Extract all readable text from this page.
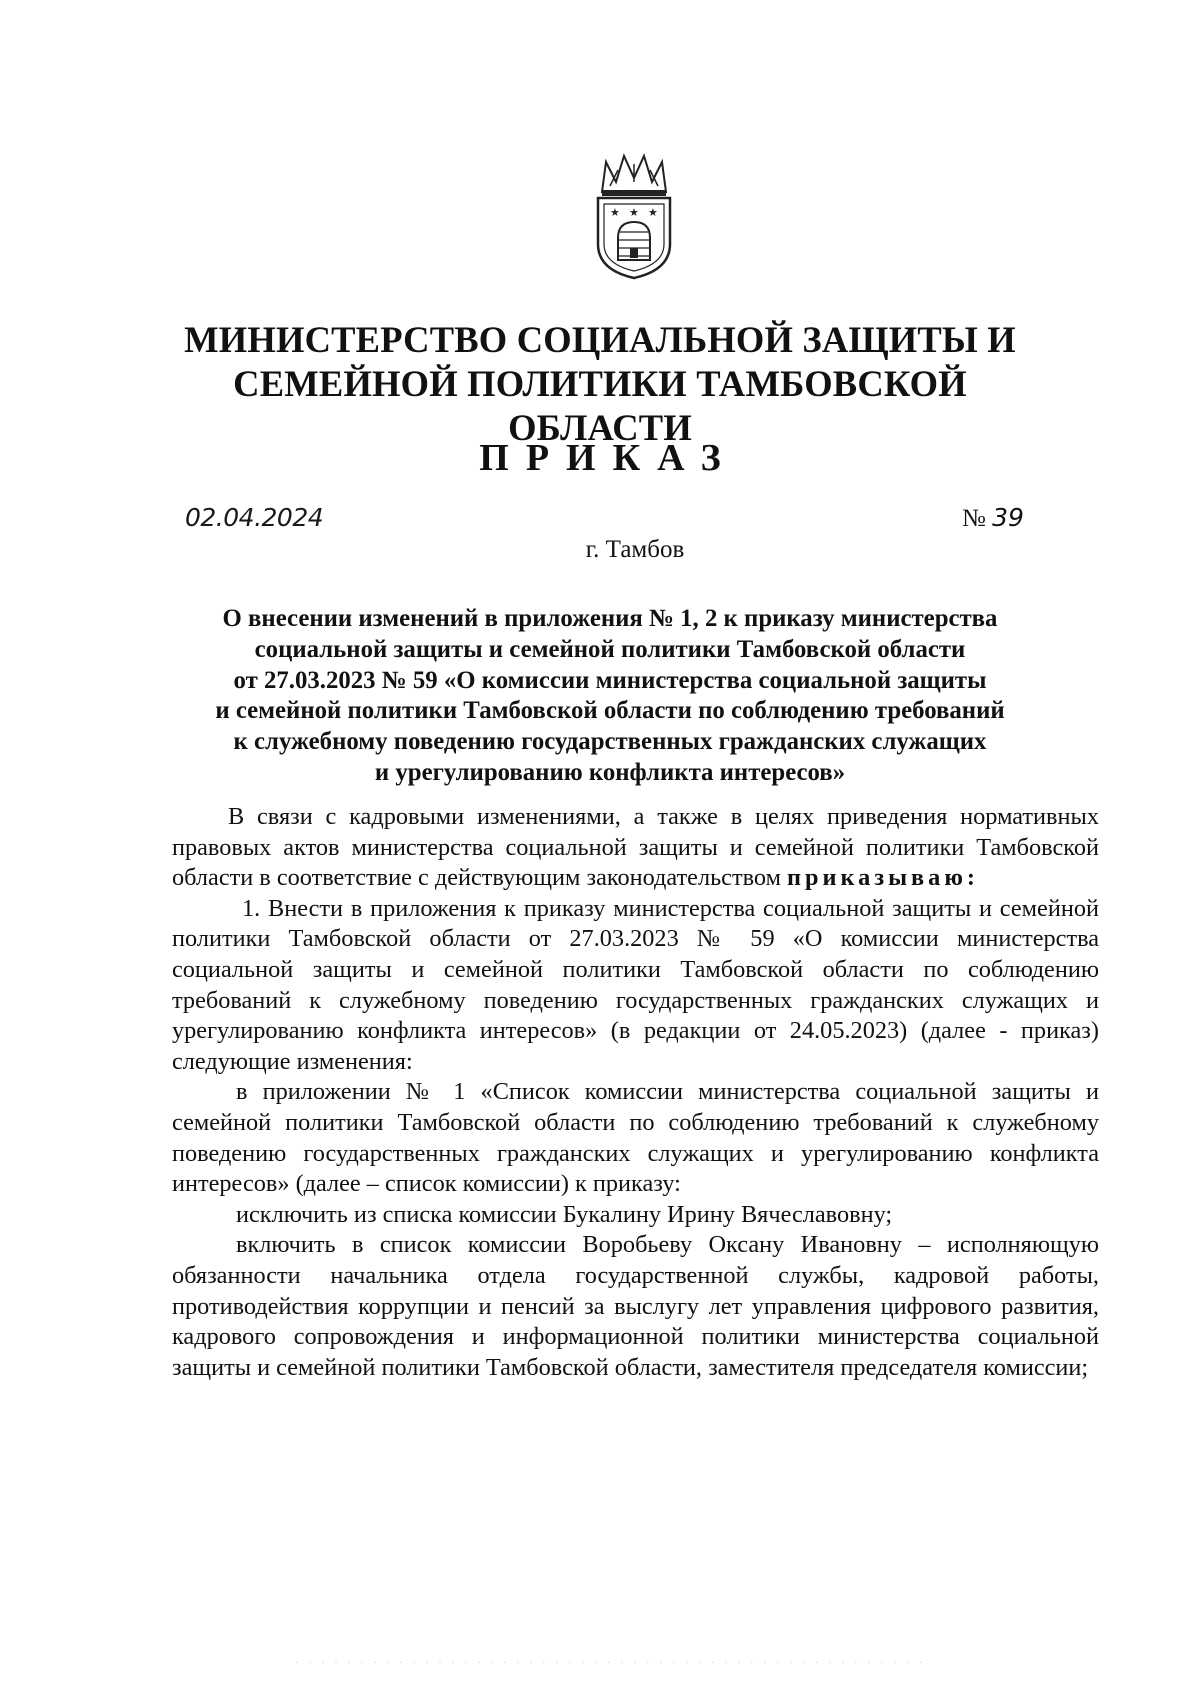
★ ★ ★
МИНИСТЕРСТВО СОЦИАЛЬНОЙ ЗАЩИТЫ И
СЕМЕЙНОЙ ПОЛИТИКИ ТАМБОВСКОЙ ОБЛАСТИ
ПРИКАЗ
02.04.2024	№ 39
г. Тамбов
О внесении изменений в приложения № 1, 2 к приказу министерства
социальной защиты и семейной политики Тамбовской области
от 27.03.2023 № 59 «О комиссии министерства социальной защиты
и семейной политики Тамбовской области по соблюдению требований
к служебному поведению государственных гражданских служащих
и урегулированию конфликта интересов»

В связи с кадровыми изменениями, а также в целях приведения нормативных правовых актов министерства социальной защиты и семейной политики Тамбовской области в соответствие с действующим законодательством приказываю:

1. Внести в приложения к приказу министерства социальной защиты и семейной политики Тамбовской области от 27.03.2023 № 59 «О комиссии министерства социальной защиты и семейной политики Тамбовской области по соблюдению требований к служебному поведению государственных гражданских служащих и урегулированию конфликта интересов» (в редакции от 24.05.2023) (далее - приказ) следующие изменения:

в приложении № 1 «Список комиссии министерства социальной защиты и семейной политики Тамбовской области по соблюдению требований к служебному поведению государственных гражданских служащих и урегулированию конфликта интересов» (далее – список комиссии) к приказу:

исключить из списка комиссии Букалину Ирину Вячеславовну;

включить в список комиссии Воробьеву Оксану Ивановну – исполняющую обязанности начальника отдела государственной службы, кадровой работы, противодействия коррупции и пенсий за выслугу лет управления цифрового развития, кадрового сопровождения и информационной политики министерства социальной защиты и семейной политики Тамбовской области, заместителя председателя комиссии;

· · · · · · · · · · · · · · · · · · · · · · · · · · · · · · · · · · · · · · · · · · · · · · · · ·
